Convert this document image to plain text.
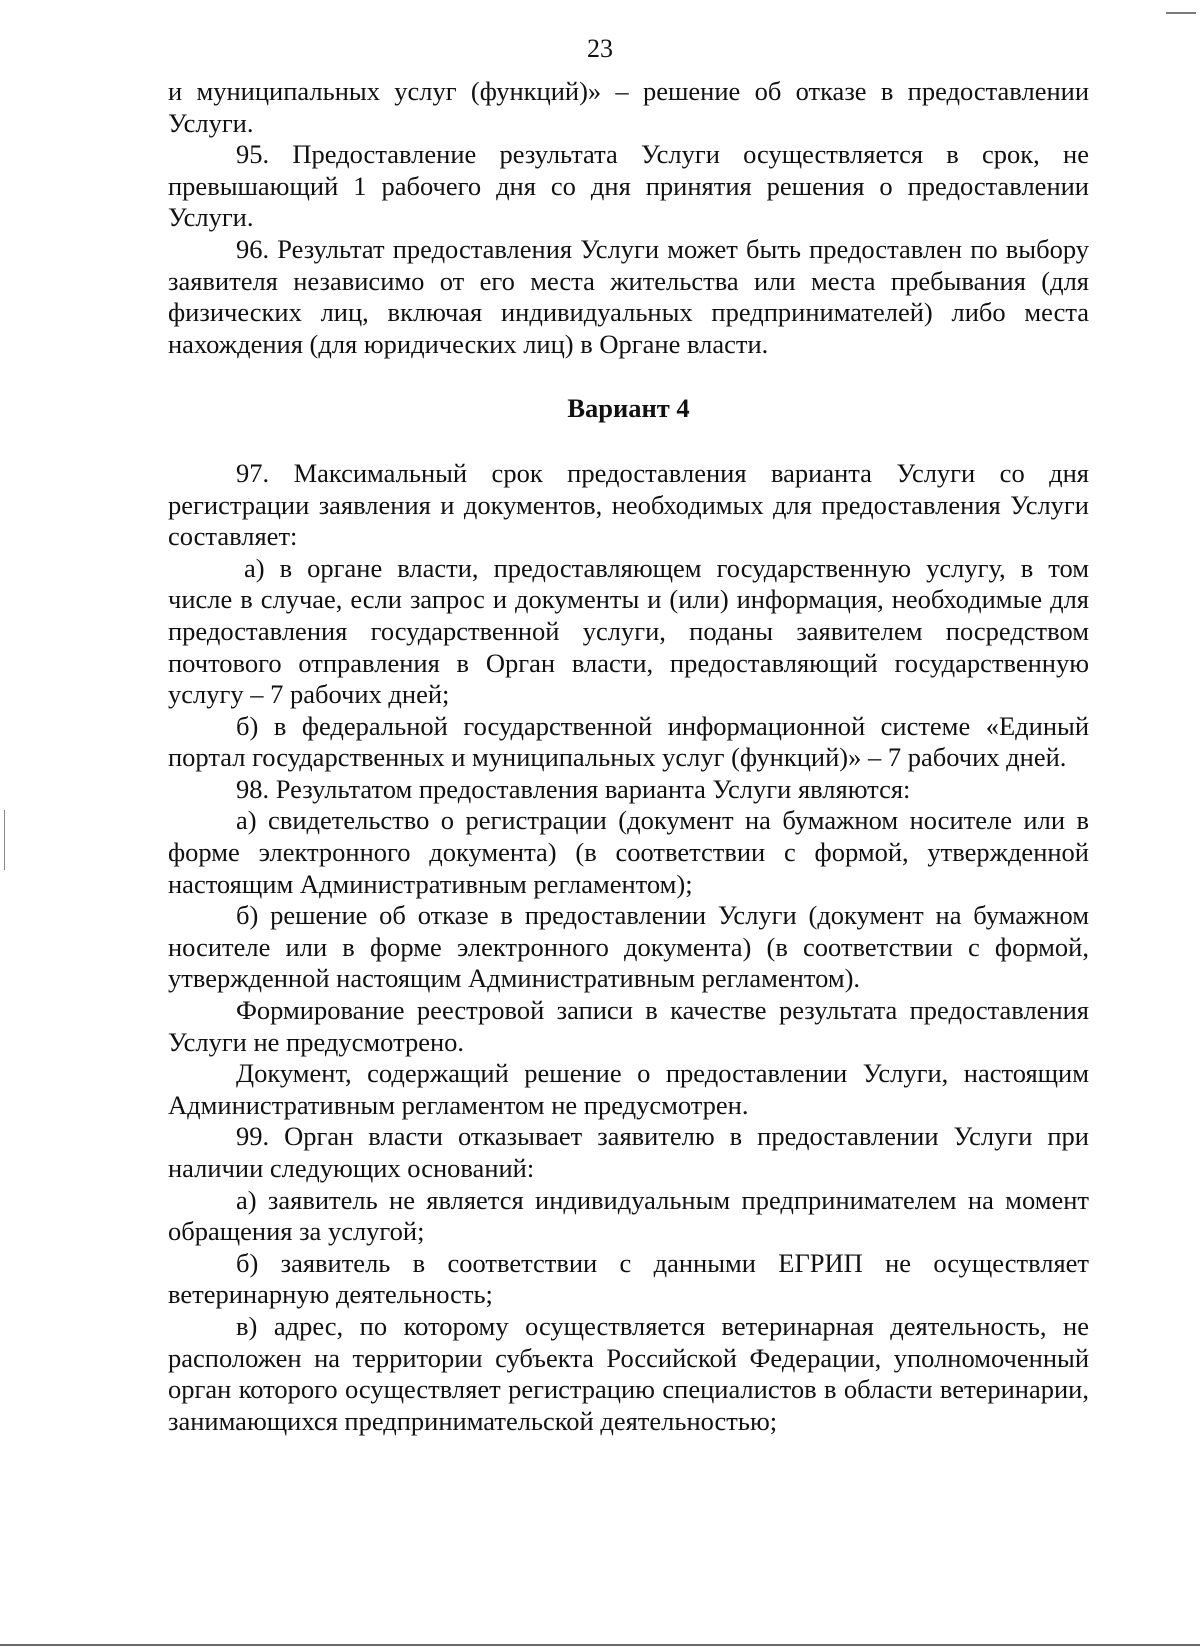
23

и муниципальных услуг (функций)» – решение об отказе в предоставлении Услуги.

95. Предоставление результата Услуги осуществляется в срок, не превышающий 1 рабочего дня со дня принятия решения о предоставлении Услуги.

96. Результат предоставления Услуги может быть предоставлен по выбору заявителя независимо от его места жительства или места пребывания (для физических лиц, включая индивидуальных предпринимателей) либо места нахождения (для юридических лиц) в Органе власти.

Вариант 4

97. Максимальный срок предоставления варианта Услуги со дня регистрации заявления и документов, необходимых для предоставления Услуги составляет:

а) в органе власти, предоставляющем государственную услугу, в том числе в случае, если запрос и документы и (или) информация, необходимые для предоставления государственной услуги, поданы заявителем посредством почтового отправления в Орган власти, предоставляющий государственную услугу – 7 рабочих дней;

б) в федеральной государственной информационной системе «Единый портал государственных и муниципальных услуг (функций)» – 7 рабочих дней.

98. Результатом предоставления варианта Услуги являются:

а) свидетельство о регистрации (документ на бумажном носителе или в форме электронного документа) (в соответствии с формой, утвержденной настоящим Административным регламентом);

б) решение об отказе в предоставлении Услуги (документ на бумажном носителе или в форме электронного документа) (в соответствии с формой, утвержденной настоящим Административным регламентом).

Формирование реестровой записи в качестве результата предоставления Услуги не предусмотрено.

Документ, содержащий решение о предоставлении Услуги, настоящим Административным регламентом не предусмотрен.

99. Орган власти отказывает заявителю в предоставлении Услуги при наличии следующих оснований:

а) заявитель не является индивидуальным предпринимателем на момент обращения за услугой;

б) заявитель в соответствии с данными ЕГРИП не осуществляет ветеринарную деятельность;

в) адрес, по которому осуществляется ветеринарная деятельность, не расположен на территории субъекта Российской Федерации, уполномоченный орган которого осуществляет регистрацию специалистов в области ветеринарии, занимающихся предпринимательской деятельностью;
